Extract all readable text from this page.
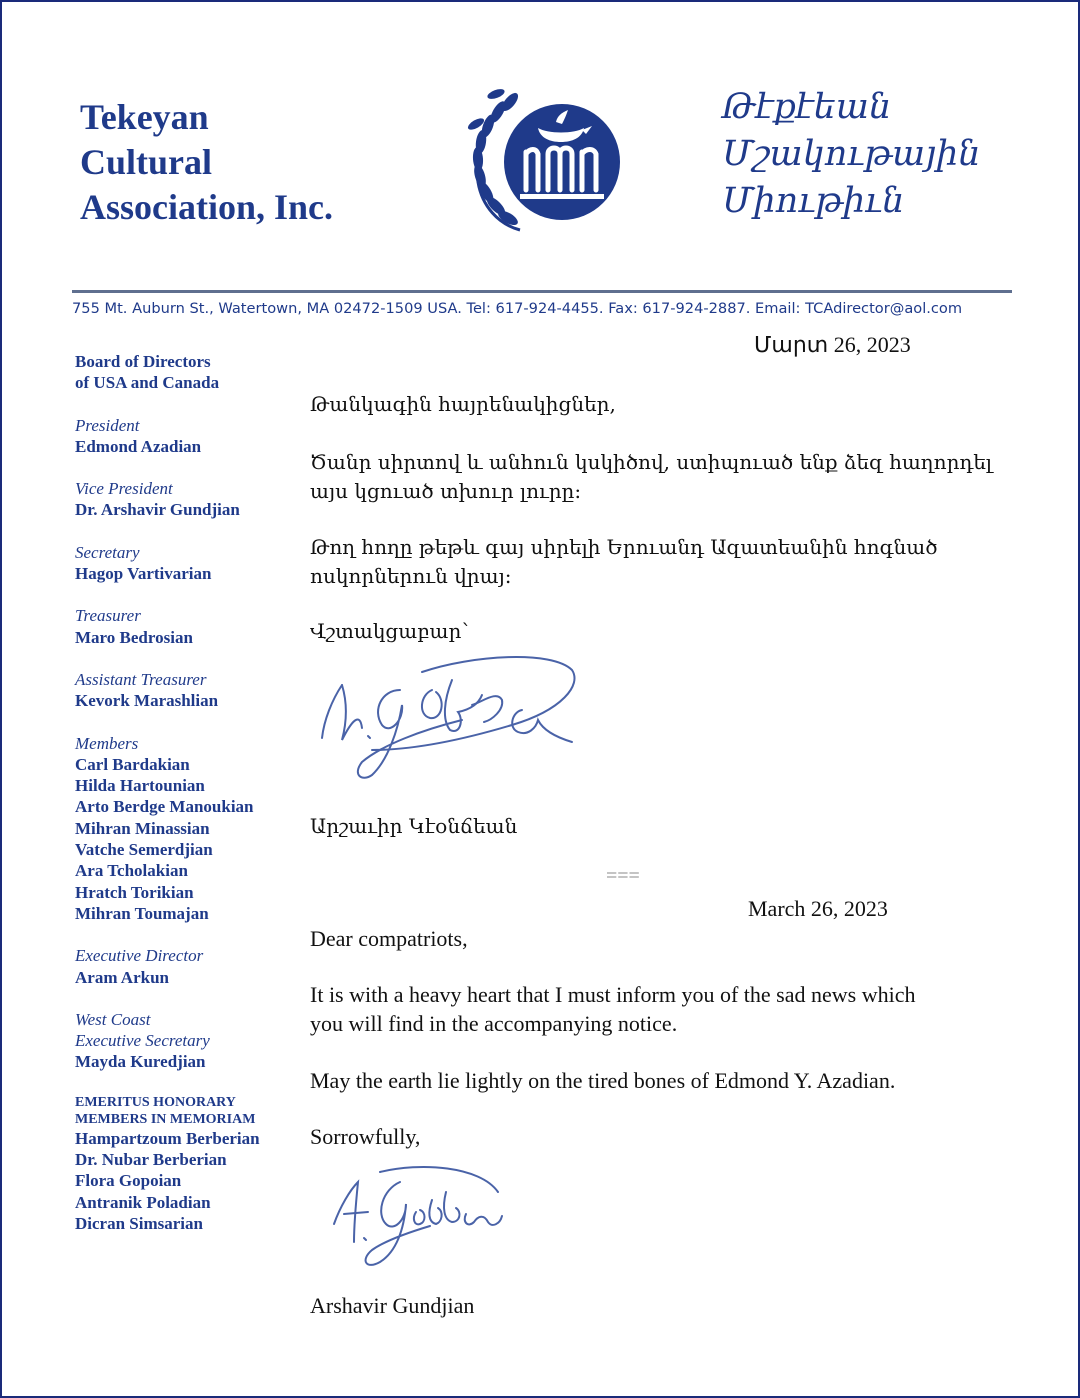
Tekeyan
Cultural
Association, Inc.
Թէքէեան
Մշակութային
Միութիւն
755 Mt. Auburn St., Watertown, MA 02472-1509 USA. Tel: 617-924-4455. Fax: 617-924-2887. Email: TCAdirector@aol.com
Board of Directors
of USA and Canada
President
Edmond Azadian
Vice President
Dr. Arshavir Gundjian
Secretary
Hagop Vartivarian
Treasurer
Maro Bedrosian
Assistant Treasurer
Kevork Marashlian
Members
Carl Bardakian
Hilda Hartounian
Arto Berdge Manoukian
Mihran Minassian
Vatche Semerdjian
Ara Tcholakian
Hratch Torikian
Mihran Toumajan
Executive Director
Aram Arkun
West Coast
Executive Secretary
Mayda Kuredjian
EMERITUS HONORARY
MEMBERS IN MEMORIAM
Hampartzoum Berberian
Dr. Nubar Berberian
Flora Gopoian
Antranik Poladian
Dicran Simsarian
Մարտ 26, 2023
Թանկագին հայրենակիցներ,
Ծանր սիրտով և անհուն կսկիծով, ստիպուած ենք ձեզ հաղորդել
այս կցուած տխուր լուրը:
Թող հողը թեթև գայ սիրելի Երուանդ Ազատեանին հոգնած
ոսկորներուն վրայ:
Վշտակցաբար՝
Արշաւիր Կէօնճեան
===
March 26, 2023
Dear compatriots,
It is with a heavy heart that I must inform you of the sad news which
you will find in the accompanying notice.
May the earth lie lightly on the tired bones of Edmond Y. Azadian.
Sorrowfully,
Arshavir Gundjian
